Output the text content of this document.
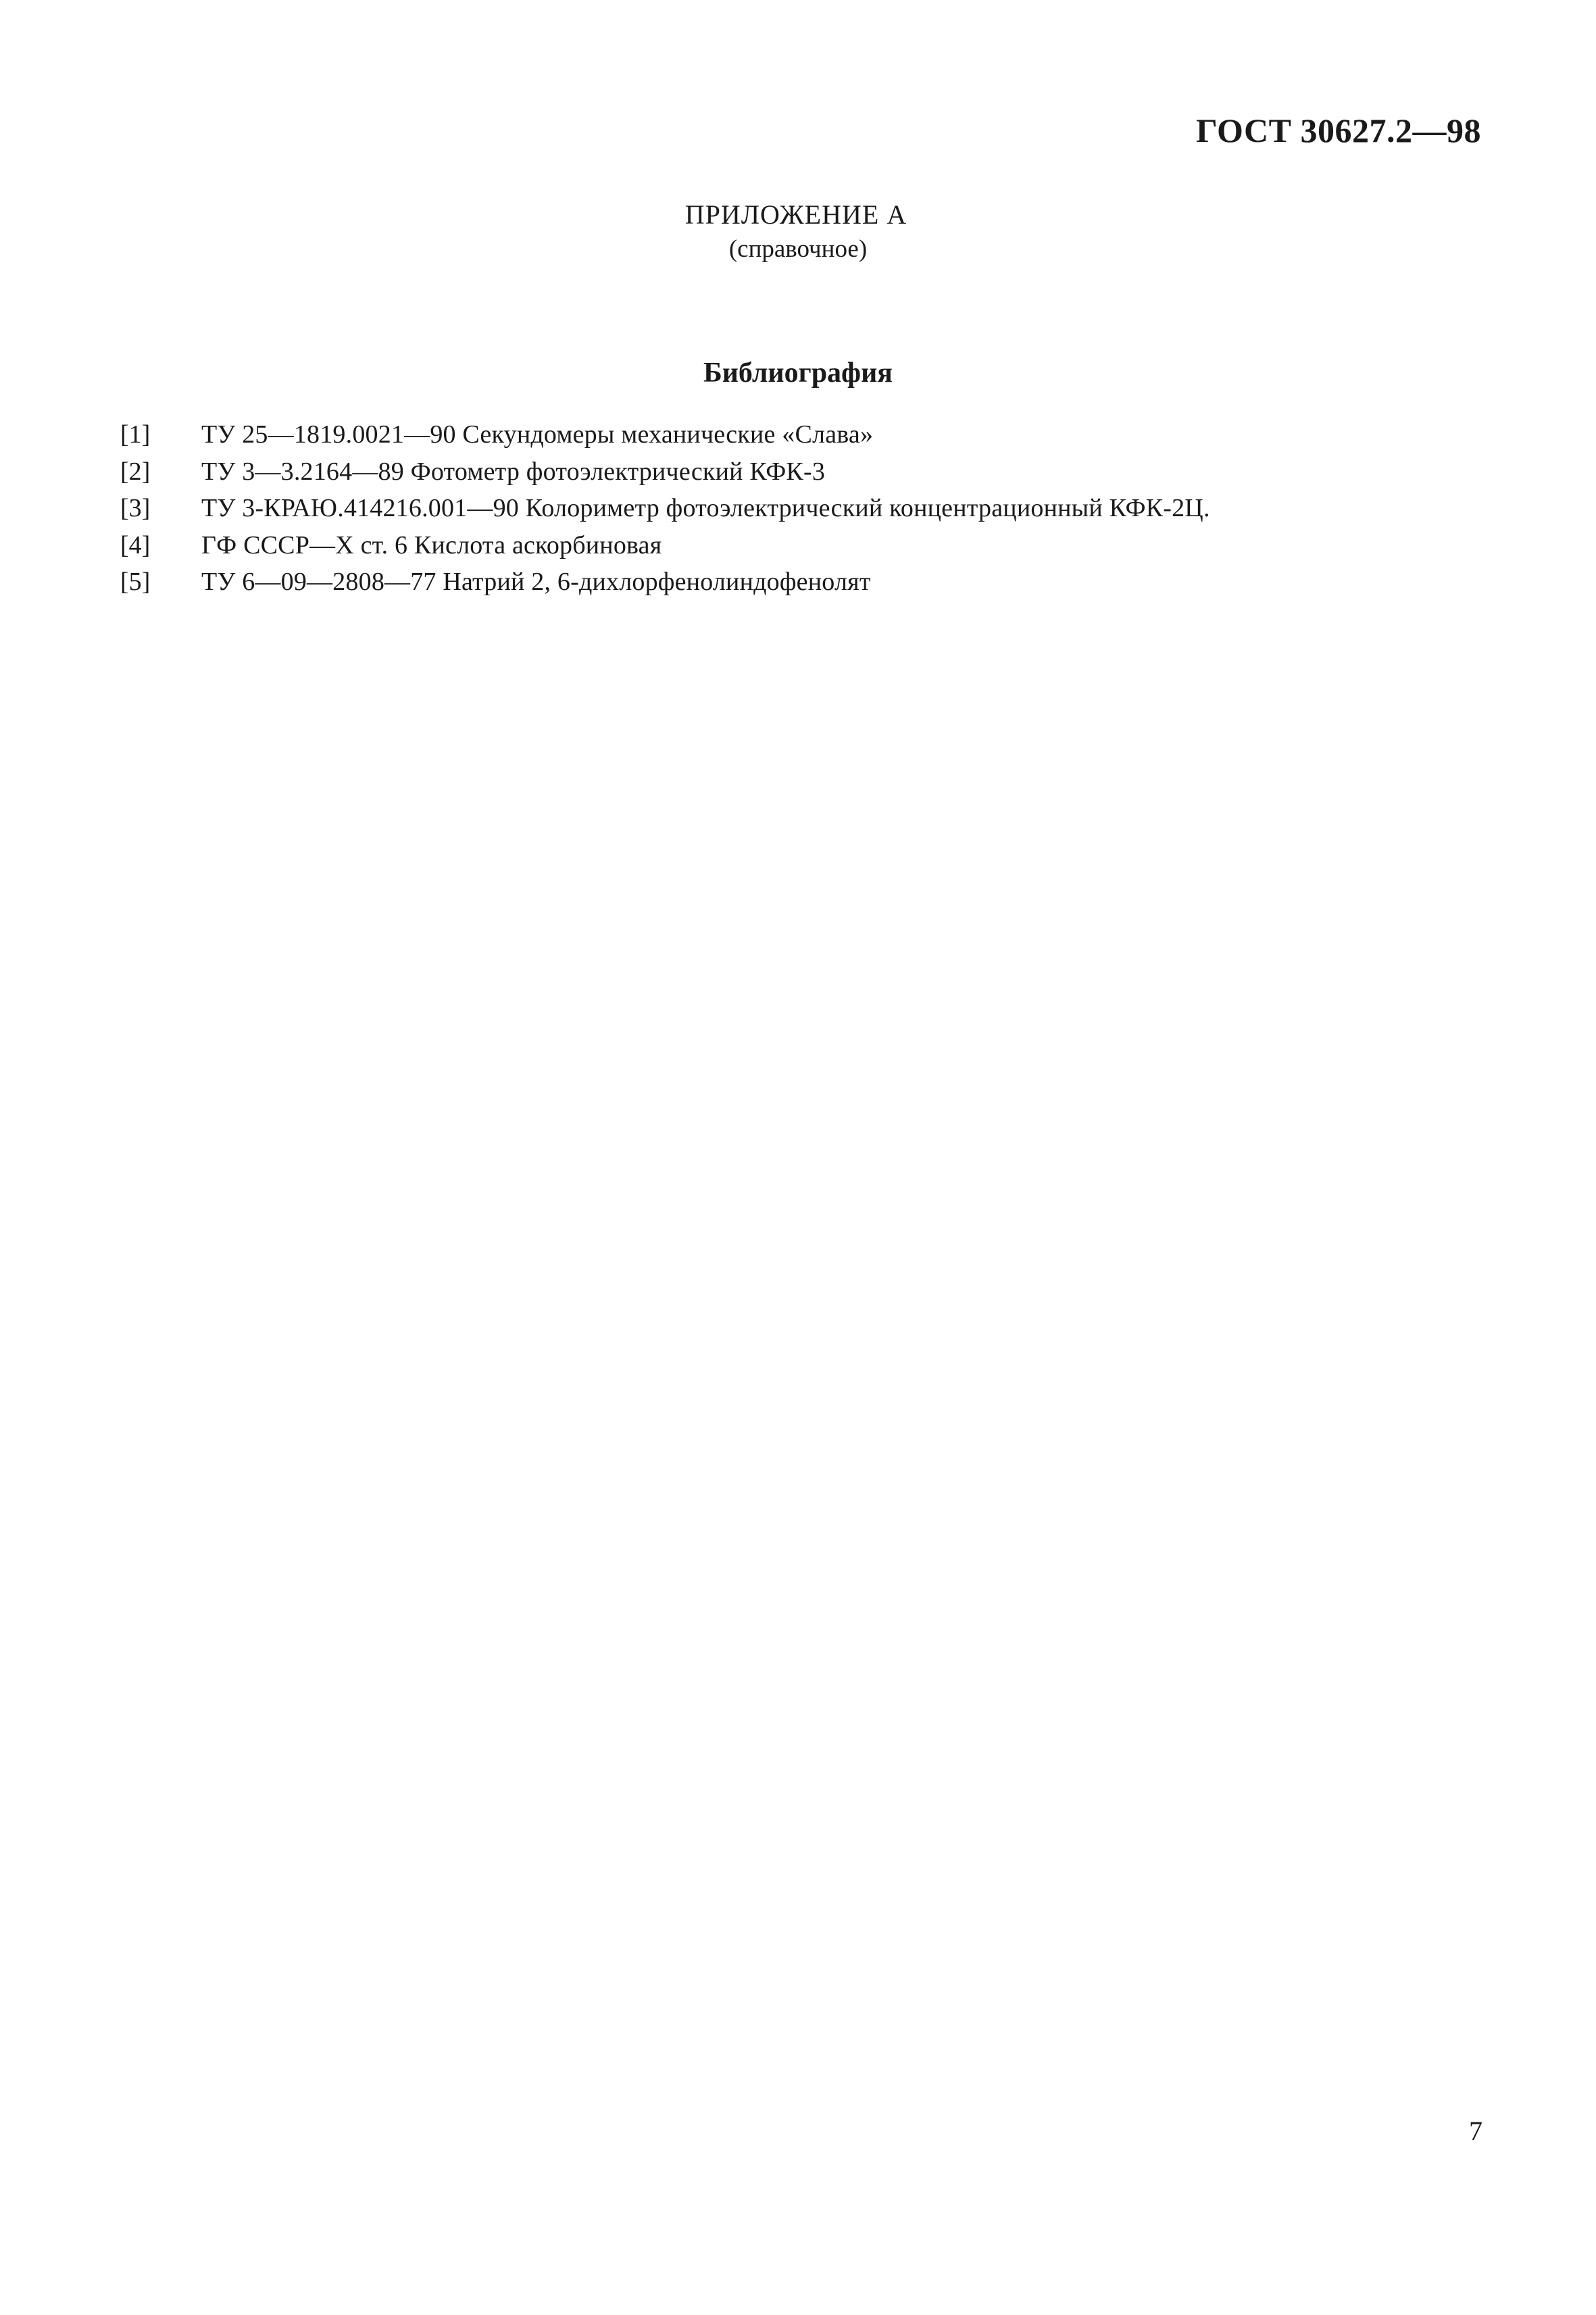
ГОСТ 30627.2—98
ПРИЛОЖЕНИЕ А
(справочное)
Библиография
[1]	ТУ 25—1819.0021—90 Секундомеры механические «Слава»
[2]	ТУ 3—3.2164—89 Фотометр фотоэлектрический КФК-3
[3]	ТУ 3-КРАЮ.414216.001—90 Колориметр фотоэлектрический концентрационный КФК-2Ц.
[4]	ГФ СССР—X ст. 6 Кислота аскорбиновая
[5]	ТУ 6—09—2808—77 Натрий 2, 6-дихлорфенолиндофенолят
7
